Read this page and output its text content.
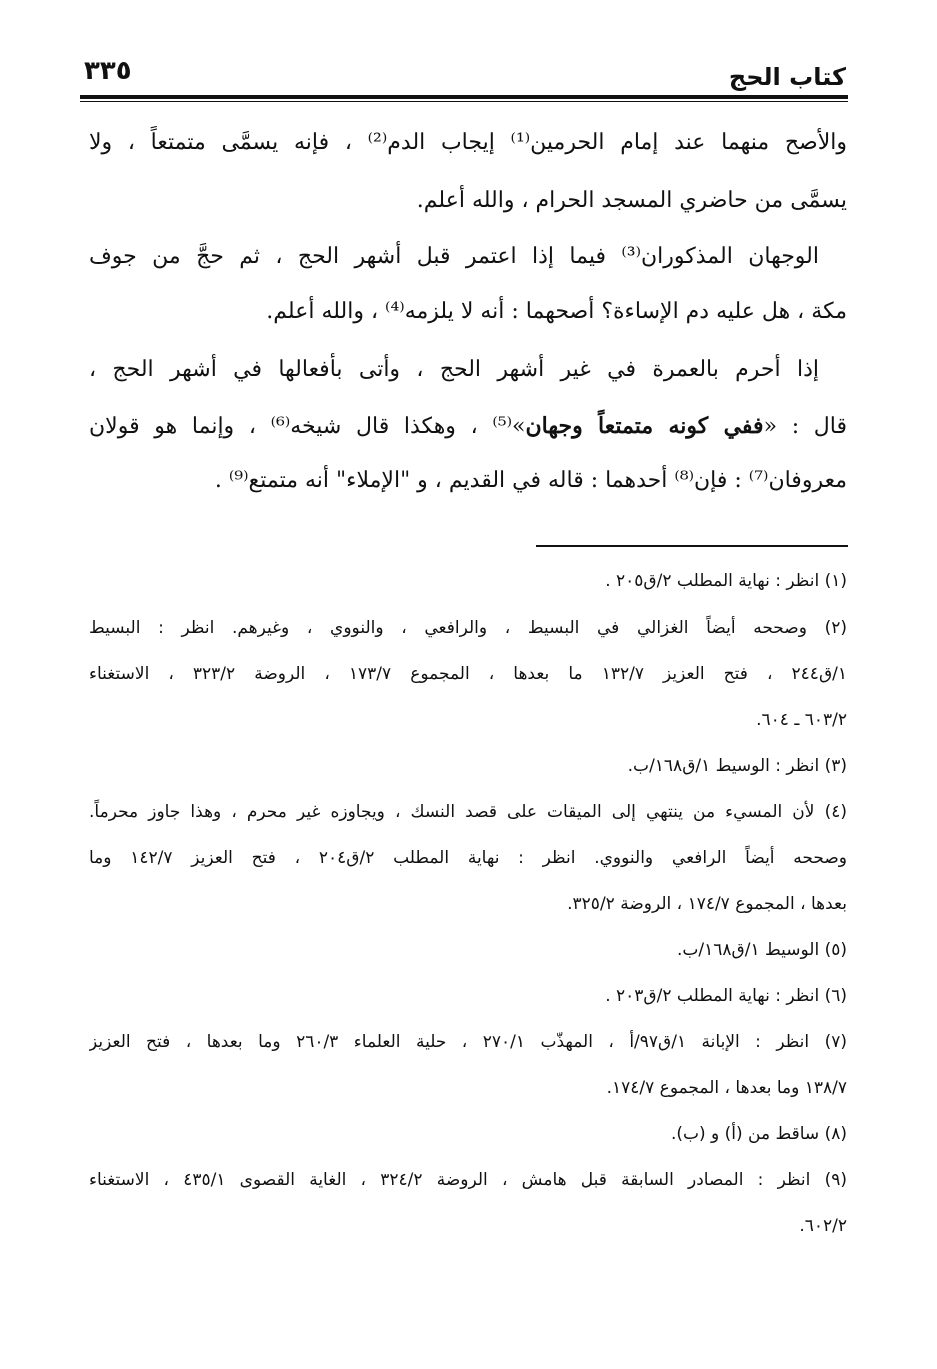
كتاب الحج
٣٣٥
والأصح منهما عند إمام الحرمين⁽¹⁾ إيجاب الدم⁽²⁾ ، فإنه يسمَّى متمتعاً ، ولا
يسمَّى من حاضري المسجد الحرام ، والله أعلم.
الوجهان المذكوران⁽³⁾ فيما إذا اعتمر قبل أشهر الحج ، ثم حجَّ من جوف
مكة ، هل عليه دم الإساءة؟ أصحهما : أنه لا يلزمه⁽⁴⁾ ، والله أعلم.
إذا أحرم بالعمرة في غير أشهر الحج ، وأتى بأفعالها في أشهر الحج ،
قال : «ففي كونه متمتعاً وجهان»⁽⁵⁾ ، وهكذا قال شيخه⁽⁶⁾ ، وإنما هو قولان
معروفان⁽⁷⁾ : فإن⁽⁸⁾ أحدهما : قاله في القديم ، و "الإملاء" أنه متمتع⁽⁹⁾ .
(١) انظر : نهاية المطلب ٢/ق٢٠٥ .
(٢) وصححه أيضاً الغزالي في البسيط ، والرافعي ، والنووي ، وغيرهم. انظر : البسيط
١/ق٢٤٤ ، فتح العزيز ١٣٢/٧ ما بعدها ، المجموع ١٧٣/٧ ، الروضة ٣٢٣/٢ ، الاستغناء
٦٠٣/٢ ـ ٦٠٤.
(٣) انظر : الوسيط ١/ق١٦٨/ب.
(٤) لأن المسيء من ينتهي إلى الميقات على قصد النسك ، ويجاوزه غير محرم ، وهذا جاوز محرماً.
وصححه أيضاً الرافعي والنووي. انظر : نهاية المطلب ٢/ق٢٠٤ ، فتح العزيز ١٤٢/٧ وما
بعدها ، المجموع ١٧٤/٧ ، الروضة ٣٢٥/٢.
(٥) الوسيط ١/ق١٦٨/ب.
(٦) انظر : نهاية المطلب ٢/ق٢٠٣ .
(٧) انظر : الإبانة ١/ق٩٧/أ ، المهذّب ٢٧٠/١ ، حلية العلماء ٢٦٠/٣ وما بعدها ، فتح العزيز
١٣٨/٧ وما بعدها ، المجموع ١٧٤/٧.
(٨) ساقط من (أ) و (ب).
(٩) انظر : المصادر السابقة قبل هامش ، الروضة ٣٢٤/٢ ، الغاية القصوى ٤٣٥/١ ، الاستغناء
٦٠٢/٢.
